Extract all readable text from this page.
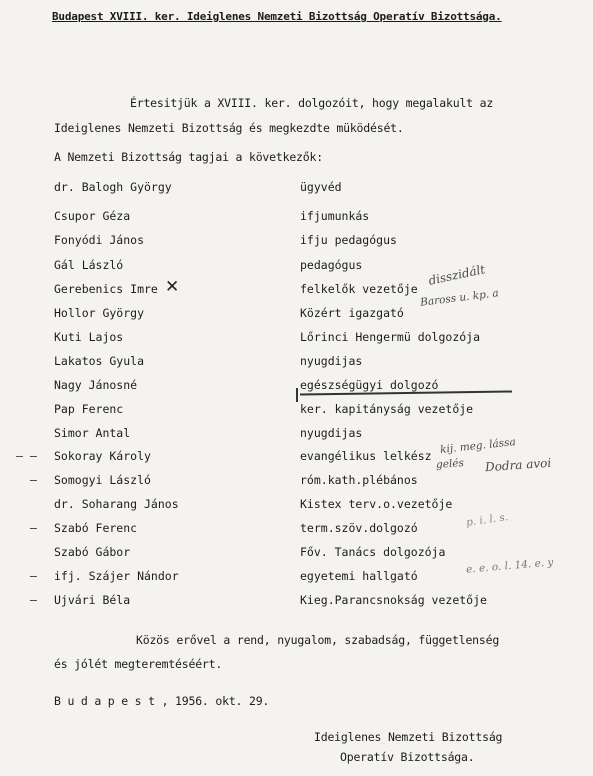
Budapest XVIII. ker. Ideiglenes Nemzeti Bizottság Operatív Bizottsága.
Értesitjük a XVIII. ker. dolgozóit, hogy megalakult az
Ideiglenes Nemzeti Bizottság és megkezdte müködését.
A Nemzeti Bizottság tagjai a következők:
dr. Balogh György	ügyvéd
Csupor Géza	ifjumunkás
Fonyódi János	ifju pedagógus
Gál László	pedagógus
Gerebenics Imre	felkelők vezetője
Hollor György	Közért igazgató
Kuti Lajos	Lőrinci Hengermü dolgozója
Lakatos Gyula	nyugdijas
Nagy Jánosné	egészségügyi dolgozó
Pap Ferenc	ker. kapitányság vezetője
Simor Antal	nyugdijas
— Sokoray Károly	evangélikus lelkész
— Somogyi László	róm.kath.plébános
dr. Soharang János	Kistex terv.o.vezetője
— Szabó Ferenc	term.szöv.dolgozó
Szabó Gábor	Főv. Tanács dolgozója
— ifj. Szájer Nándor	egyetemi hallgató
— Ujvári Béla	Kieg.Parancsnokság vezetője
✕	disszidált
Baross u. kp. a
kij. meg. lássa
gelés Dodra avoi
p. i. l. s.
e. e. o. l. 14. e. y
Közös erővel a rend, nyugalom, szabadság, függetlenség
és jólét megteremtéséért.
B u d a p e s t , 1956. okt. 29.
Ideiglenes Nemzeti Bizottság
Operatív Bizottsága.
